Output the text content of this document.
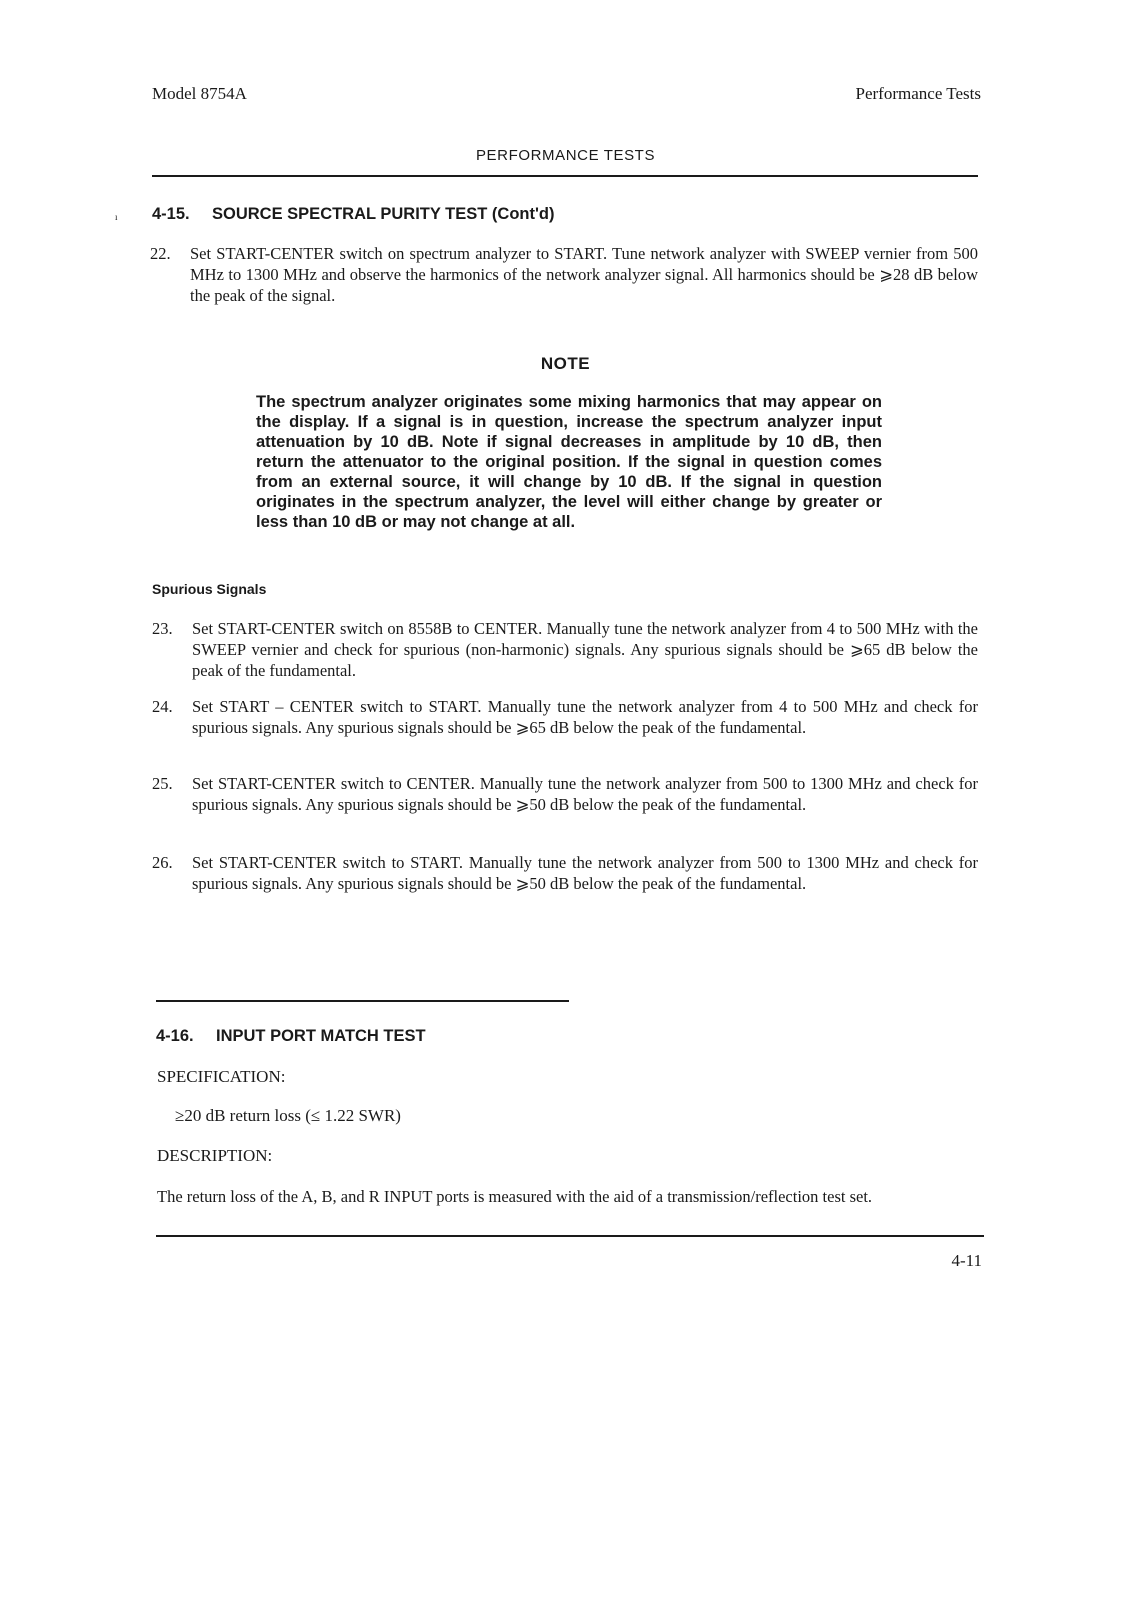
Model 8754A	Performance Tests
PERFORMANCE TESTS
ı 4-15. SOURCE SPECTRAL PURITY TEST (Cont'd)
22. Set START-CENTER switch on spectrum analyzer to START. Tune network analyzer with SWEEP vernier from 500 MHz to 1300 MHz and observe the harmonics of the network analyzer signal. All harmonics should be ⩾28 dB below the peak of the signal.
NOTE
The spectrum analyzer originates some mixing harmonics that may appear on the display. If a signal is in question, increase the spectrum analyzer input attenuation by 10 dB. Note if signal decreases in amplitude by 10 dB, then return the attenuator to the original position. If the signal in question comes from an external source, it will change by 10 dB. If the signal in question originates in the spectrum analyzer, the level will either change by greater or less than 10 dB or may not change at all.
Spurious Signals
23. Set START-CENTER switch on 8558B to CENTER. Manually tune the network analyzer from 4 to 500 MHz with the SWEEP vernier and check for spurious (non-harmonic) signals. Any spurious signals should be ⩾65 dB below the peak of the fundamental.
24. Set START – CENTER switch to START. Manually tune the network analyzer from 4 to 500 MHz and check for spurious signals. Any spurious signals should be ⩾65 dB below the peak of the fundamental.
25. Set START-CENTER switch to CENTER. Manually tune the network analyzer from 500 to 1300 MHz and check for spurious signals. Any spurious signals should be ⩾50 dB below the peak of the fundamental.
26. Set START-CENTER switch to START. Manually tune the network analyzer from 500 to 1300 MHz and check for spurious signals. Any spurious signals should be ⩾50 dB below the peak of the fundamental.
4-16. INPUT PORT MATCH TEST
SPECIFICATION:
≥20 dB return loss (≤ 1.22 SWR)
DESCRIPTION:
The return loss of the A, B, and R INPUT ports is measured with the aid of a transmission/reflection test set.
4-11
